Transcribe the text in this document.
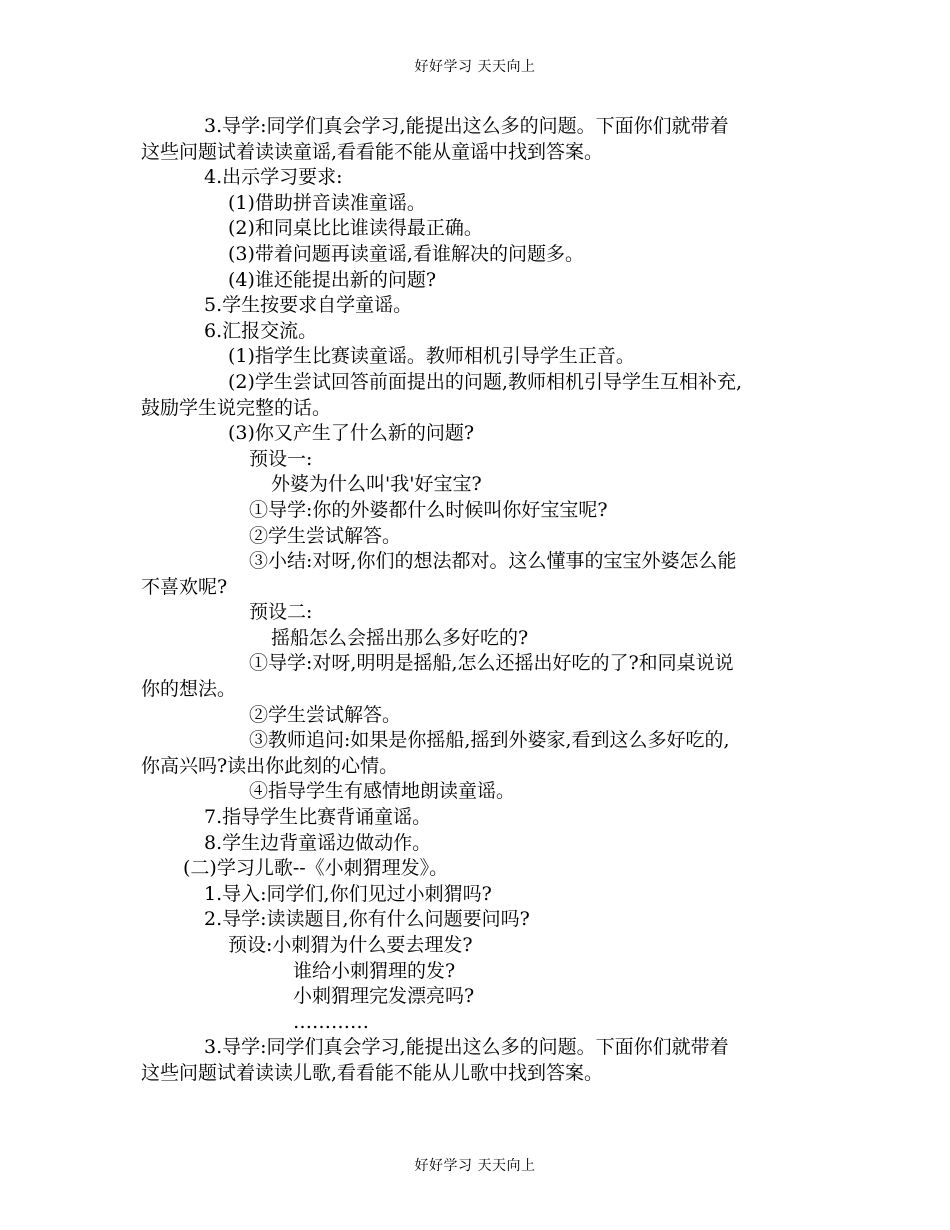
好好学习 天天向上
3.导学:同学们真会学习,能提出这么多的问题。下面你们就带着
这些问题试着读读童谣,看看能不能从童谣中找到答案。
4.出示学习要求:
(1)借助拼音读准童谣。
(2)和同桌比比谁读得最正确。
(3)带着问题再读童谣,看谁解决的问题多。
(4)谁还能提出新的问题?
5.学生按要求自学童谣。
6.汇报交流。
(1)指学生比赛读童谣。教师相机引导学生正音。
(2)学生尝试回答前面提出的问题,教师相机引导学生互相补充,
鼓励学生说完整的话。
(3)你又产生了什么新的问题?
预设一:
外婆为什么叫'我'好宝宝?
①导学:你的外婆都什么时候叫你好宝宝呢?
②学生尝试解答。
③小结:对呀,你们的想法都对。这么懂事的宝宝外婆怎么能
不喜欢呢?
预设二:
摇船怎么会摇出那么多好吃的?
①导学:对呀,明明是摇船,怎么还摇出好吃的了?和同桌说说
你的想法。
②学生尝试解答。
③教师追问:如果是你摇船,摇到外婆家,看到这么多好吃的,
你高兴吗?读出你此刻的心情。
④指导学生有感情地朗读童谣。
7.指导学生比赛背诵童谣。
8.学生边背童谣边做动作。
(二)学习儿歌--《小刺猬理发》。
1.导入:同学们,你们见过小刺猬吗?
2.导学:读读题目,你有什么问题要问吗?
预设:小刺猬为什么要去理发?
谁给小刺猬理的发?
小刺猬理完发漂亮吗?
…………
3.导学:同学们真会学习,能提出这么多的问题。下面你们就带着
这些问题试着读读儿歌,看看能不能从儿歌中找到答案。
好好学习 天天向上
